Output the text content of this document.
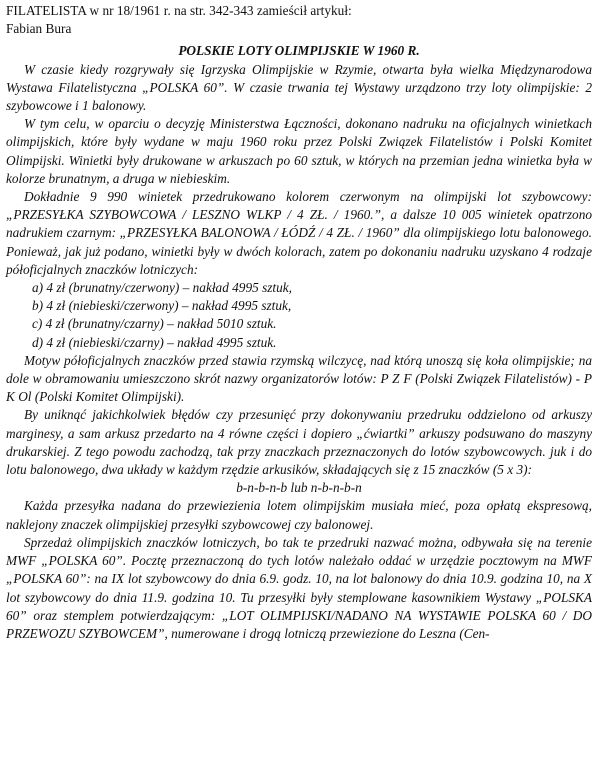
FILATELISTA w nr 18/1961 r. na str. 342-343 zamieścił artykuł:
Fabian Bura
POLSKIE LOTY OLIMPIJSKIE W 1960 R.

W czasie kiedy rozgrywały się Igrzyska Olimpijskie w Rzymie, otwarta była wielka Międzynarodowa Wystawa Filatelistyczna „POLSKA 60”. W czasie trwania tej Wystawy urządzono trzy loty olimpijskie: 2 szybowcowe i 1 balonowy.

W tym celu, w oparciu o decyzję Ministerstwa Łączności, dokonano nadruku na oficjalnych winietkach olimpijskich, które były wydane w maju 1960 roku przez Polski Związek Filatelistów i Polski Komitet Olimpijski. Winietki były drukowane w arkuszach po 60 sztuk, w których na przemian jedna winietka była w kolorze brunatnym, a druga w niebieskim.

Dokładnie 9 990 winietek przedrukowano kolorem czerwonym na olimpijski lot szybowcowy: „PRZESYŁKA SZYBOWCOWA / LESZNO WLKP / 4 ZŁ. / 1960.”, a dalsze 10 005 winietek opatrzono nadrukiem czarnym: „PRZESYŁKA BALONOWA / ŁÓDŹ / 4 ZŁ. / 1960” dla olimpijskiego lotu balonowego. Ponieważ, jak już podano, winietki były w dwóch kolorach, zatem po dokonaniu nadruku uzyskano 4 rodzaje półoficjalnych znaczków lotniczych:

a) 4 zł (brunatny/czerwony) – nakład 4995 sztuk,
b) 4 zł (niebieski/czerwony) – nakład 4995 sztuk,
c) 4 zł (brunatny/czarny) – nakład 5010 sztuk.
d) 4 zł (niebieski/czarny) – nakład 4995 sztuk.

Motyw półoficjalnych znaczków przed stawia rzymską wilczycę, nad którą unoszą się koła olimpijskie; na dole w obramowaniu umieszczono skrót nazwy organizatorów lotów: P Z F (Polski Związek Filatelistów) - P K Ol (Polski Komitet Olimpijski).

By uniknąć jakichkolwiek błędów czy przesunięć przy dokonywaniu przedruku oddzielono od arkuszy marginesy, a sam arkusz przedarto na 4 równe części i dopiero „ćwiartki” arkuszy podsuwano do maszyny drukarskiej. Z tego powodu zachodzą, tak przy znaczkach przeznaczonych do lotów szybowcowych. juk i do lotu balonowego, dwa układy w każdym rzędzie arkusików, składających się z 15 znaczków (5 x 3):

b-n-b-n-b lub n-b-n-b-n

Każda przesyłka nadana do przewiezienia lotem olimpijskim musiała mieć, poza opłatą ekspresową, naklejony znaczek olimpijskiej przesyłki szybowcowej czy balonowej.

Sprzedaż olimpijskich znaczków lotniczych, bo tak te przedruki nazwać można, odbywała się na terenie MWF „POLSKA 60”. Pocztę przeznaczoną do tych lotów należało oddać w urzędzie pocztowym na MWF „POLSKA 60”: na IX lot szybowcowy do dnia 6.9. godz. 10, na lot balonowy do dnia 10.9. godzina 10, na X lot szybowcowy do dnia 11.9. godzina 10. Tu przesyłki były stemplowane kasownikiem Wystawy „POLSKA 60” oraz stemplem potwierdzającym: „LOT OLIMPIJSKI/NADANO NA WYSTAWIE POLSKA 60 / DO PRZEWOZU SZYBOWCEM”, numerowane i drogą lotniczą przewiezione do Leszna (Cen-
